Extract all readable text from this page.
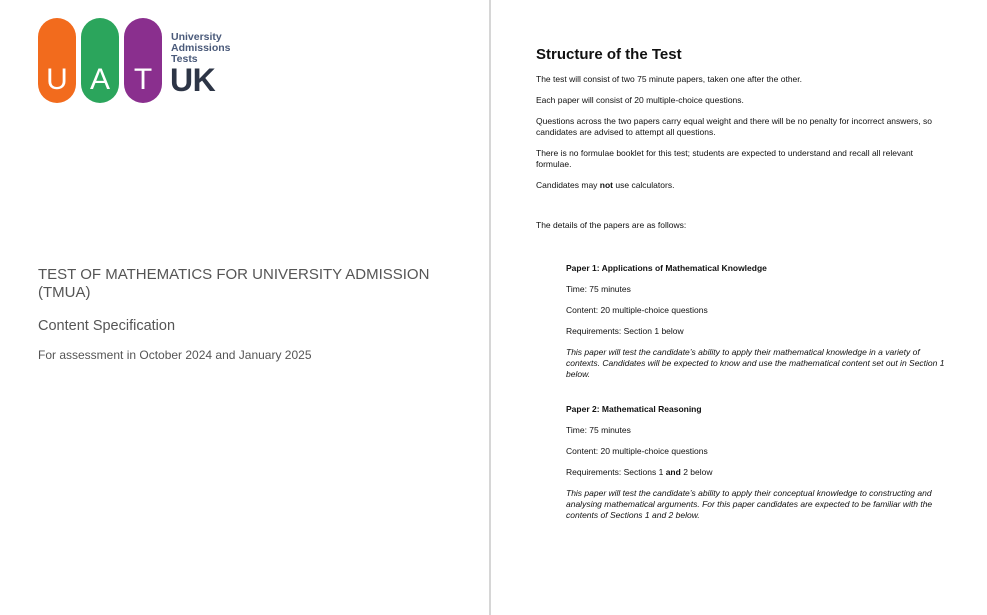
U A T
University
Admissions
Tests
UK
TEST OF MATHEMATICS FOR UNIVERSITY ADMISSION (TMUA)
Content Specification
For assessment in October 2024 and January 2025
Structure of the Test

The test will consist of two 75 minute papers, taken one after the other.

Each paper will consist of 20 multiple-choice questions.

Questions across the two papers carry equal weight and there will be no penalty for incorrect answers, so candidates are advised to attempt all questions.

There is no formulae booklet for this test; students are expected to understand and recall all relevant formulae.

Candidates may not use calculators.

The details of the papers are as follows:

Paper 1: Applications of Mathematical Knowledge

Time: 75 minutes

Content: 20 multiple-choice questions

Requirements: Section 1 below

This paper will test the candidate’s ability to apply their mathematical knowledge in a variety of contexts. Candidates will be expected to know and use the mathematical content set out in Section 1 below.

Paper 2: Mathematical Reasoning

Time: 75 minutes

Content: 20 multiple-choice questions

Requirements: Sections 1 and 2 below

This paper will test the candidate’s ability to apply their conceptual knowledge to constructing and analysing mathematical arguments. For this paper candidates are expected to be familiar with the contents of Sections 1 and 2 below.
